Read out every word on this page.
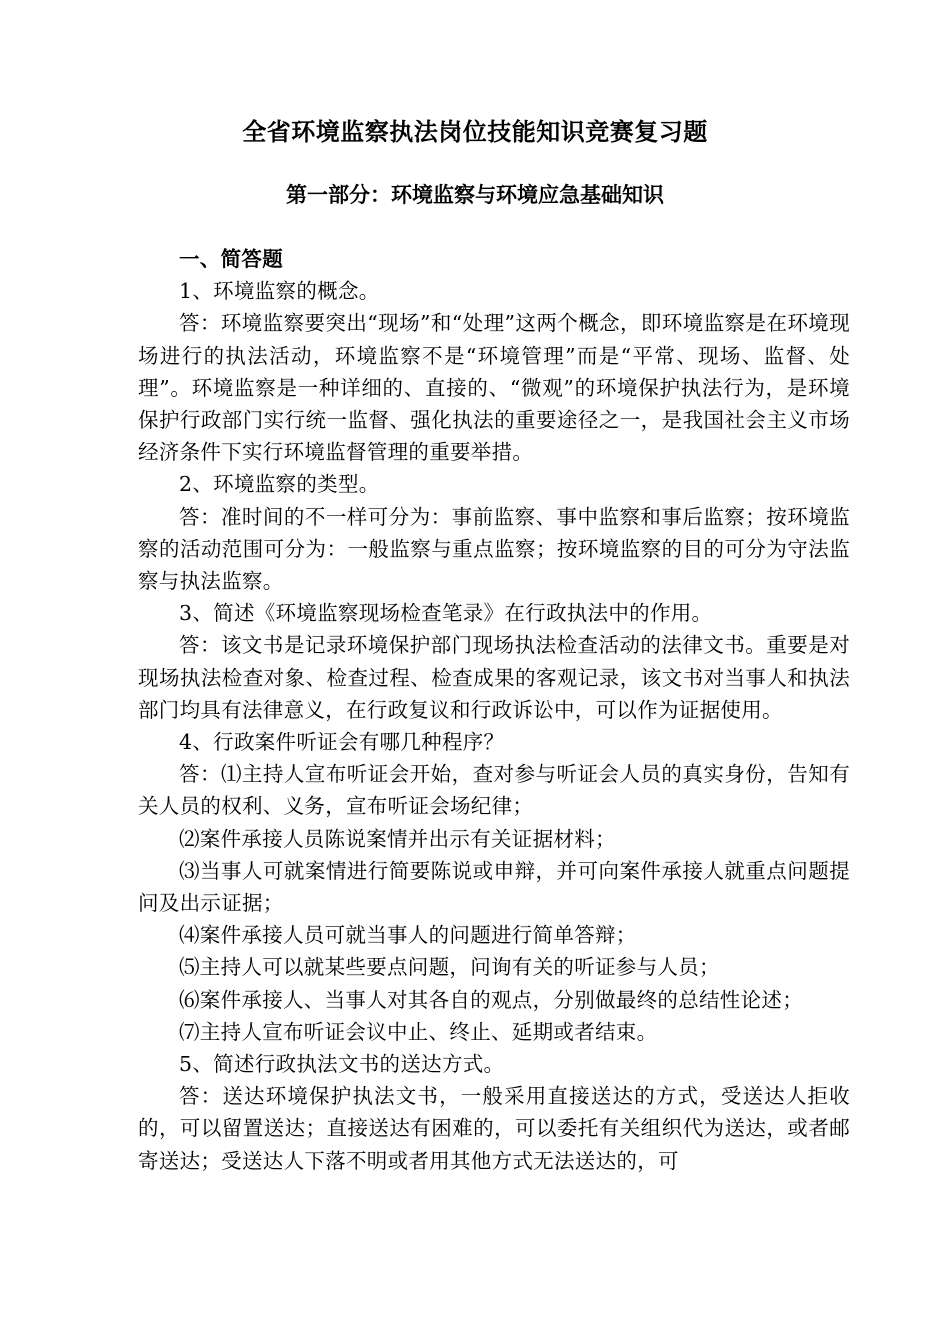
全省环境监察执法岗位技能知识竞赛复习题
第一部分：环境监察与环境应急基础知识

一、简答题

1、环境监察的概念。

答：环境监察要突出“现场”和“处理”这两个概念，即环境监察是在环境现场进行的执法活动，环境监察不是“环境管理”而是“平常、现场、监督、处理”。环境监察是一种详细的、直接的、“微观”的环境保护执法行为，是环境保护行政部门实行统一监督、强化执法的重要途径之一，是我国社会主义市场经济条件下实行环境监督管理的重要举措。

2、环境监察的类型。

答：准时间的不一样可分为：事前监察、事中监察和事后监察；按环境监察的活动范围可分为：一般监察与重点监察；按环境监察的目的可分为守法监察与执法监察。

3、简述《环境监察现场检查笔录》在行政执法中的作用。

答：该文书是记录环境保护部门现场执法检查活动的法律文书。重要是对现场执法检查对象、检查过程、检查成果的客观记录，该文书对当事人和执法部门均具有法律意义，在行政复议和行政诉讼中，可以作为证据使用。

4、行政案件听证会有哪几种程序？

答：⑴主持人宣布听证会开始，查对参与听证会人员的真实身份，告知有关人员的权利、义务，宣布听证会场纪律；

⑵案件承接人员陈说案情并出示有关证据材料；

⑶当事人可就案情进行简要陈说或申辩，并可向案件承接人就重点问题提问及出示证据；

⑷案件承接人员可就当事人的问题进行简单答辩；

⑸主持人可以就某些要点问题，问询有关的听证参与人员；

⑹案件承接人、当事人对其各自的观点，分别做最终的总结性论述；

⑺主持人宣布听证会议中止、终止、延期或者结束。

5、简述行政执法文书的送达方式。

答：送达环境保护执法文书，一般采用直接送达的方式，受送达人拒收的，可以留置送达；直接送达有困难的，可以委托有关组织代为送达，或者邮寄送达；受送达人下落不明或者用其他方式无法送达的，可
